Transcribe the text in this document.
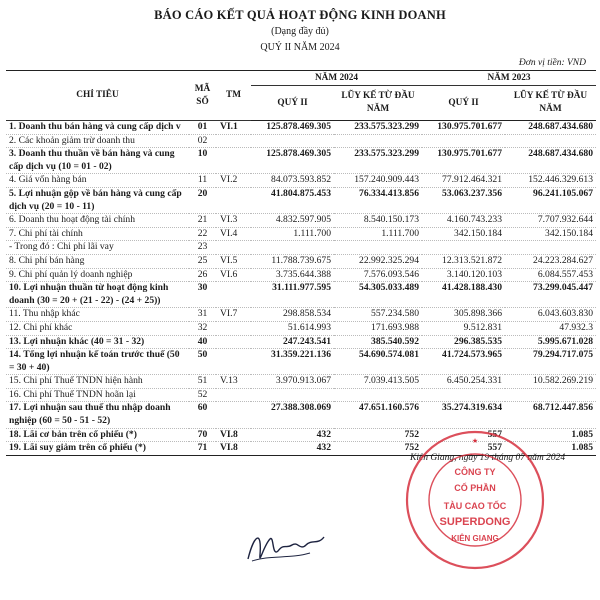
BÁO CÁO KẾT QUẢ HOẠT ĐỘNG KINH DOANH
(Dạng đầy đủ)
QUÝ II NĂM 2024
Đơn vị tiền: VND
CHỈ TIÊU	MÃ SỐ	TM	NĂM 2024		NĂM 2023	
			QUÝ II	LŨY KẾ TỪ ĐẦU NĂM	QUÝ II	LŨY KẾ TỪ ĐẦU NĂM
1. Doanh thu bán hàng và cung cấp dịch v	01	VI.1	125.878.469.305	233.575.323.299	130.975.701.677	248.687.434.680
2. Các khoản giảm trừ doanh thu	02					
3. Doanh thu thuần về bán hàng và cung cấp dịch vụ (10 = 01 - 02)	10		125.878.469.305	233.575.323.299	130.975.701.677	248.687.434.680
4. Giá vốn hàng bán	11	VI.2	84.073.593.852	157.240.909.443	77.912.464.321	152.446.329.613
5. Lợi nhuận gộp về bán hàng và cung cấp dịch vụ (20 = 10 - 11)	20		41.804.875.453	76.334.413.856	53.063.237.356	96.241.105.067
6. Doanh thu hoạt động tài chính	21	VI.3	4.832.597.905	8.540.150.173	4.160.743.233	7.707.932.644
7. Chi phí tài chính	22	VI.4	1.111.700	1.111.700	342.150.184	342.150.184
- Trong đó : Chi phí lãi vay	23					
8. Chi phí bán hàng	25	VI.5	11.788.739.675	22.992.325.294	12.313.521.872	24.223.284.627
9. Chi phí quản lý doanh nghiệp	26	VI.6	3.735.644.388	7.576.093.546	3.140.120.103	6.084.557.453
10. Lợi nhuận thuần từ hoạt động kinh doanh (30 = 20 + (21 - 22) - (24 + 25))	30		31.111.977.595	54.305.033.489	41.428.188.430	73.299.045.447
11. Thu nhập khác	31	VI.7	298.858.534	557.234.580	305.898.366	6.043.603.830
12. Chi phí khác	32		51.614.993	171.693.988	9.512.831	47.932.3
13. Lợi nhuận khác (40 = 31 - 32)	40		247.243.541	385.540.592	296.385.535	5.995.671.028
14. Tổng lợi nhuận kế toán trước thuế (50 = 30 + 40)	50		31.359.221.136	54.690.574.081	41.724.573.965	79.294.717.075
15. Chi phí Thuế TNDN hiện hành	51	V.13	3.970.913.067	7.039.413.505	6.450.254.331	10.582.269.219
16. Chi phí Thuế TNDN hoãn lại	52					
17. Lợi nhuận sau thuế thu nhập doanh nghiệp (60 = 50 - 51 - 52)	60		27.388.308.069	47.651.160.576	35.274.319.634	68.712.447.856
18. Lãi cơ bản trên cổ phiếu (*)	70	VI.8	432	752	557	1.085
19. Lãi suy giảm trên cổ phiếu (*)	71	VI.8	432	752	557	1.085
Kiên Giang, ngày 19 tháng 07 năm 2024
CÔNG TY
CỔ PHẦN
TÀU CAO TỐC
SUPERDONG
KIÊN GIANG
★
